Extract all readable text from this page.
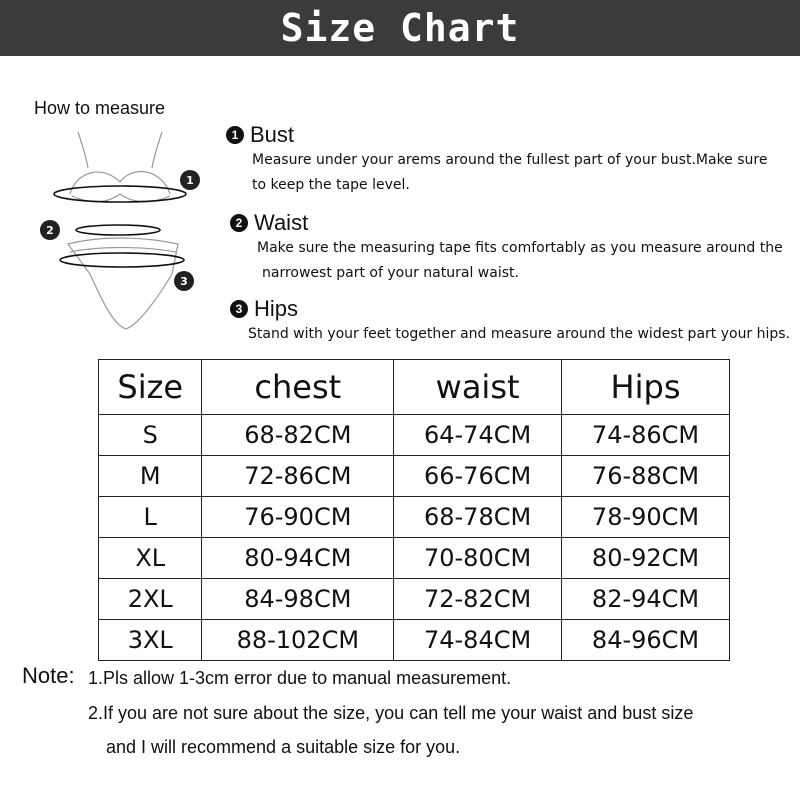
Size Chart
How to measure
1
2
3
1 Bust
Measure under your arems around the fullest part of your bust.Make sure
to keep the tape level.
2 Waist
Make sure the measuring tape fits comfortably as you measure around the
narrowest part of your natural waist.
3 Hips
Stand with your feet together and measure around the widest part your hips.
Size	chest	waist	Hips
S	68-82CM	64-74CM	74-86CM
M	72-86CM	66-76CM	76-88CM
L	76-90CM	68-78CM	78-90CM
XL	80-94CM	70-80CM	80-92CM
2XL	84-98CM	72-82CM	82-94CM
3XL	88-102CM	74-84CM	84-96CM
Note: 1.Pls allow 1-3cm error due to manual measurement.
2.If you are not sure about the size, you can tell me your waist and bust size
and I will recommend a suitable size for you.
